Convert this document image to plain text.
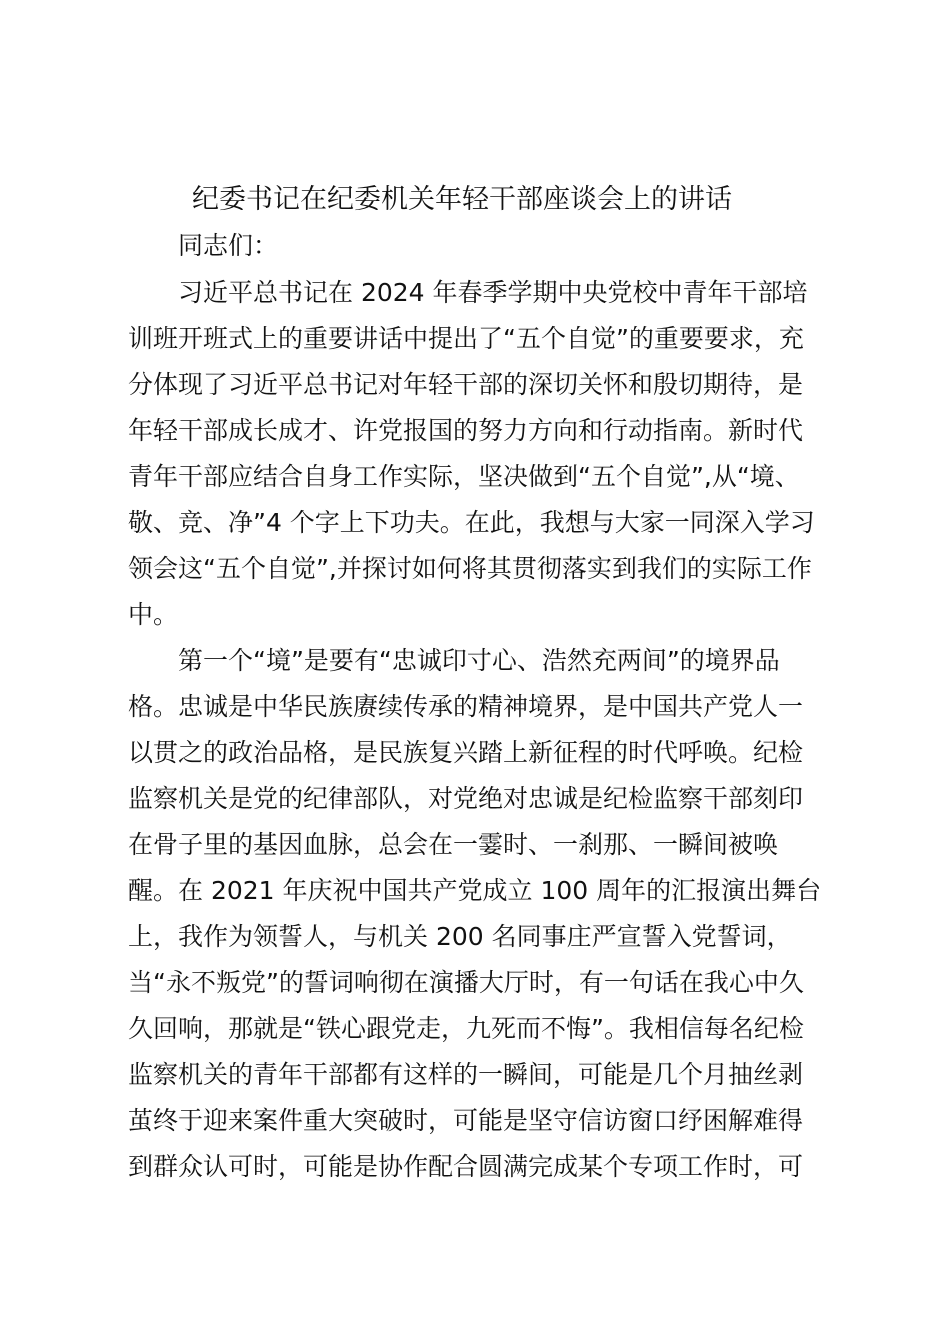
纪委书记在纪委机关年轻干部座谈会上的讲话
同志们：

习近平总书记在 2024 年春季学期中央党校中青年干部培
训班开班式上的重要讲话中提出了“五个自觉”的重要要求，充
分体现了习近平总书记对年轻干部的深切关怀和殷切期待，是
年轻干部成长成才、许党报国的努力方向和行动指南。新时代
青年干部应结合自身工作实际，坚决做到“五个自觉”,从“境、
敬、竞、净”4 个字上下功夫。在此，我想与大家一同深入学习
领会这“五个自觉”,并探讨如何将其贯彻落实到我们的实际工作
中。

第一个“境”是要有“忠诚印寸心、浩然充两间”的境界品
格。忠诚是中华民族赓续传承的精神境界，是中国共产党人一
以贯之的政治品格，是民族复兴踏上新征程的时代呼唤。纪检
监察机关是党的纪律部队，对党绝对忠诚是纪检监察干部刻印
在骨子里的基因血脉，总会在一霎时、一刹那、一瞬间被唤
醒。在 2021 年庆祝中国共产党成立 100 周年的汇报演出舞台
上，我作为领誓人，与机关 200 名同事庄严宣誓入党誓词，
当“永不叛党”的誓词响彻在演播大厅时，有一句话在我心中久
久回响，那就是“铁心跟党走，九死而不悔”。我相信每名纪检
监察机关的青年干部都有这样的一瞬间，可能是几个月抽丝剥
茧终于迎来案件重大突破时，可能是坚守信访窗口纾困解难得
到群众认可时，可能是协作配合圆满完成某个专项工作时，可
